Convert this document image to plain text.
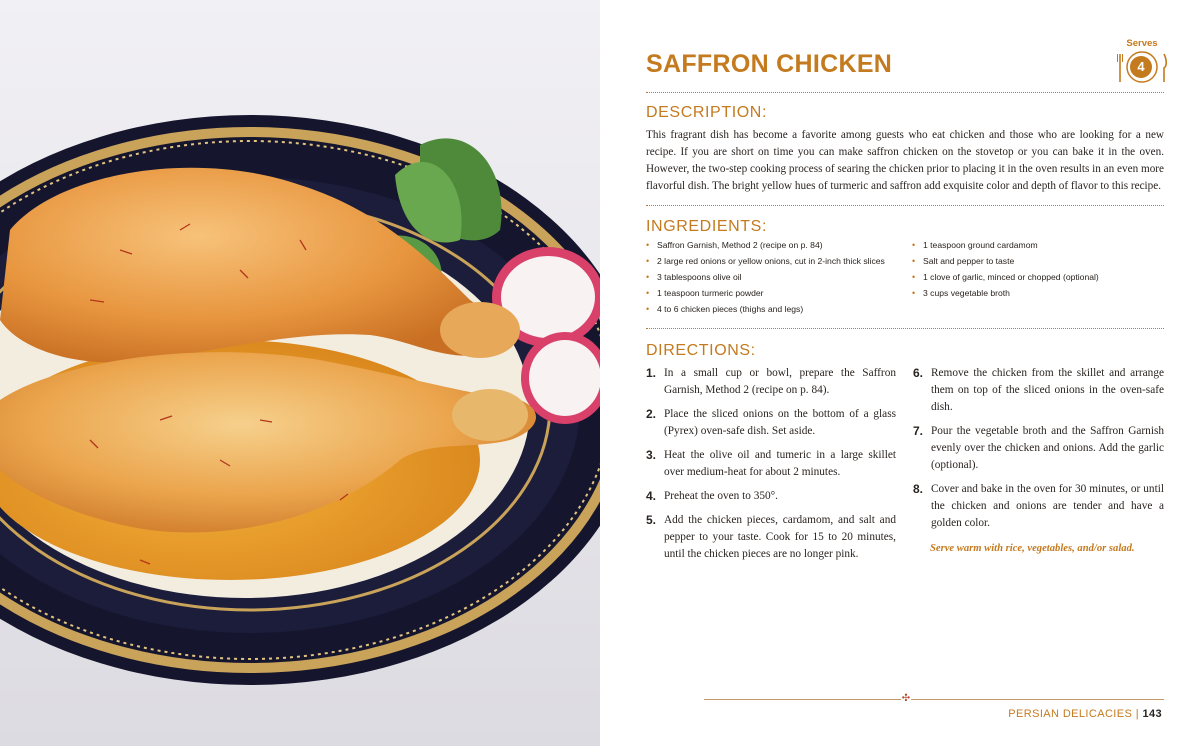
SAFFRON CHICKEN
Serves
4
DESCRIPTION:
This fragrant dish has become a favorite among guests who eat chicken and those who are looking for a new recipe. If you are short on time you can make saffron chicken on the stovetop or you can bake it in the oven. However, the two-step cooking process of searing the chicken prior to placing it in the oven results in an even more flavorful dish. The bright yellow hues of turmeric and saffron add exquisite color and depth of flavor to this recipe.
INGREDIENTS:
• Saffron Garnish, Method 2 (recipe on p. 84)
• 2 large red onions or yellow onions, cut in 2-inch thick slices
• 3 tablespoons olive oil
• 1 teaspoon turmeric powder
• 4 to 6 chicken pieces (thighs and legs)
• 1 teaspoon ground cardamom
• Salt and pepper to taste
• 1 clove of garlic, minced or chopped (optional)
• 3 cups vegetable broth
DIRECTIONS:
1. In a small cup or bowl, prepare the Saffron Garnish, Method 2 (recipe on p. 84).
2. Place the sliced onions on the bottom of a glass (Pyrex) oven-safe dish. Set aside.
3. Heat the olive oil and tumeric in a large skillet over medium-heat for about 2 minutes.
4. Preheat the oven to 350°.
5. Add the chicken pieces, cardamom, and salt and pepper to your taste. Cook for 15 to 20 minutes, until the chicken pieces are no longer pink.
6. Remove the chicken from the skillet and arrange them on top of the sliced onions in the oven-safe dish.
7. Pour the vegetable broth and the Saffron Garnish evenly over the chicken and onions. Add the garlic (optional).
8. Cover and bake in the oven for 30 minutes, or until the chicken and onions are tender and have a golden color.
Serve warm with rice, vegetables, and/or salad.
✣
PERSIAN DELICACIES | 143
